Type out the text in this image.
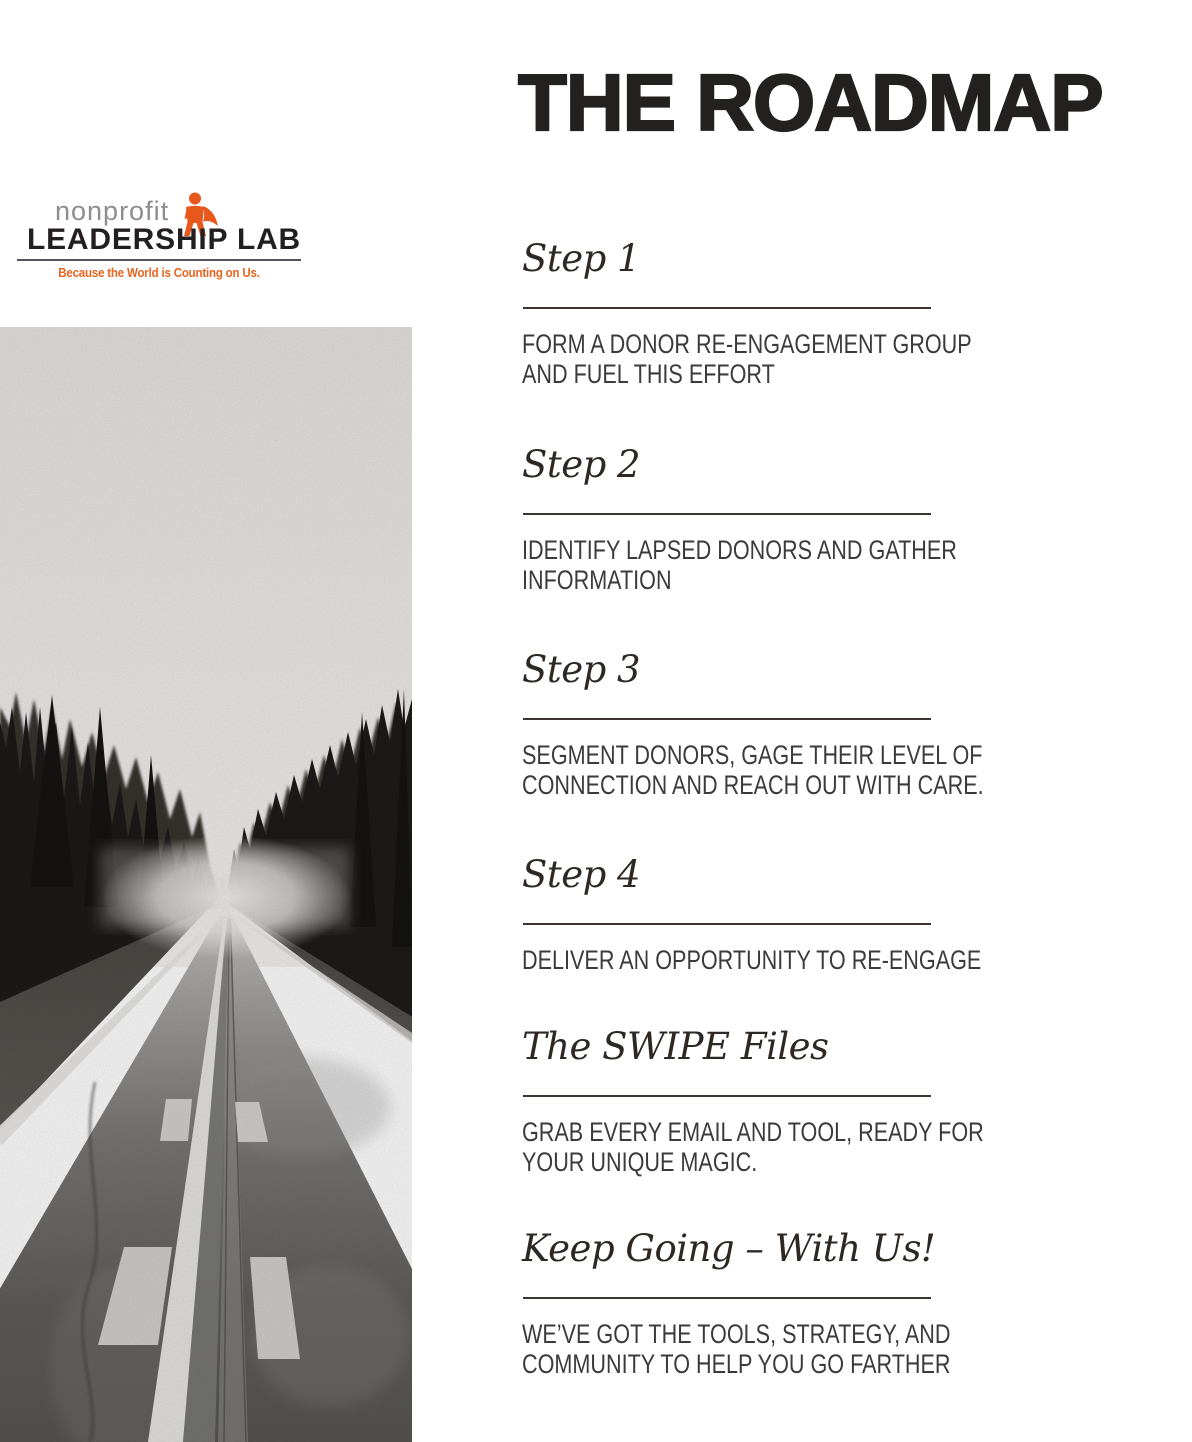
nonprofit
LEADERSHIP LAB
Because the World is Counting on Us.
THE ROADMAP
Step 1
FORM A DONOR RE-ENGAGEMENT GROUP
AND FUEL THIS EFFORT
Step 2
IDENTIFY LAPSED DONORS AND GATHER
INFORMATION
Step 3
SEGMENT DONORS, GAGE THEIR LEVEL OF
CONNECTION AND REACH OUT WITH CARE.
Step 4
DELIVER AN OPPORTUNITY TO RE-ENGAGE
The SWIPE Files
GRAB EVERY EMAIL AND TOOL, READY FOR
YOUR UNIQUE MAGIC.
Keep Going – With Us!
WE’VE GOT THE TOOLS, STRATEGY, AND
COMMUNITY TO HELP YOU GO FARTHER
